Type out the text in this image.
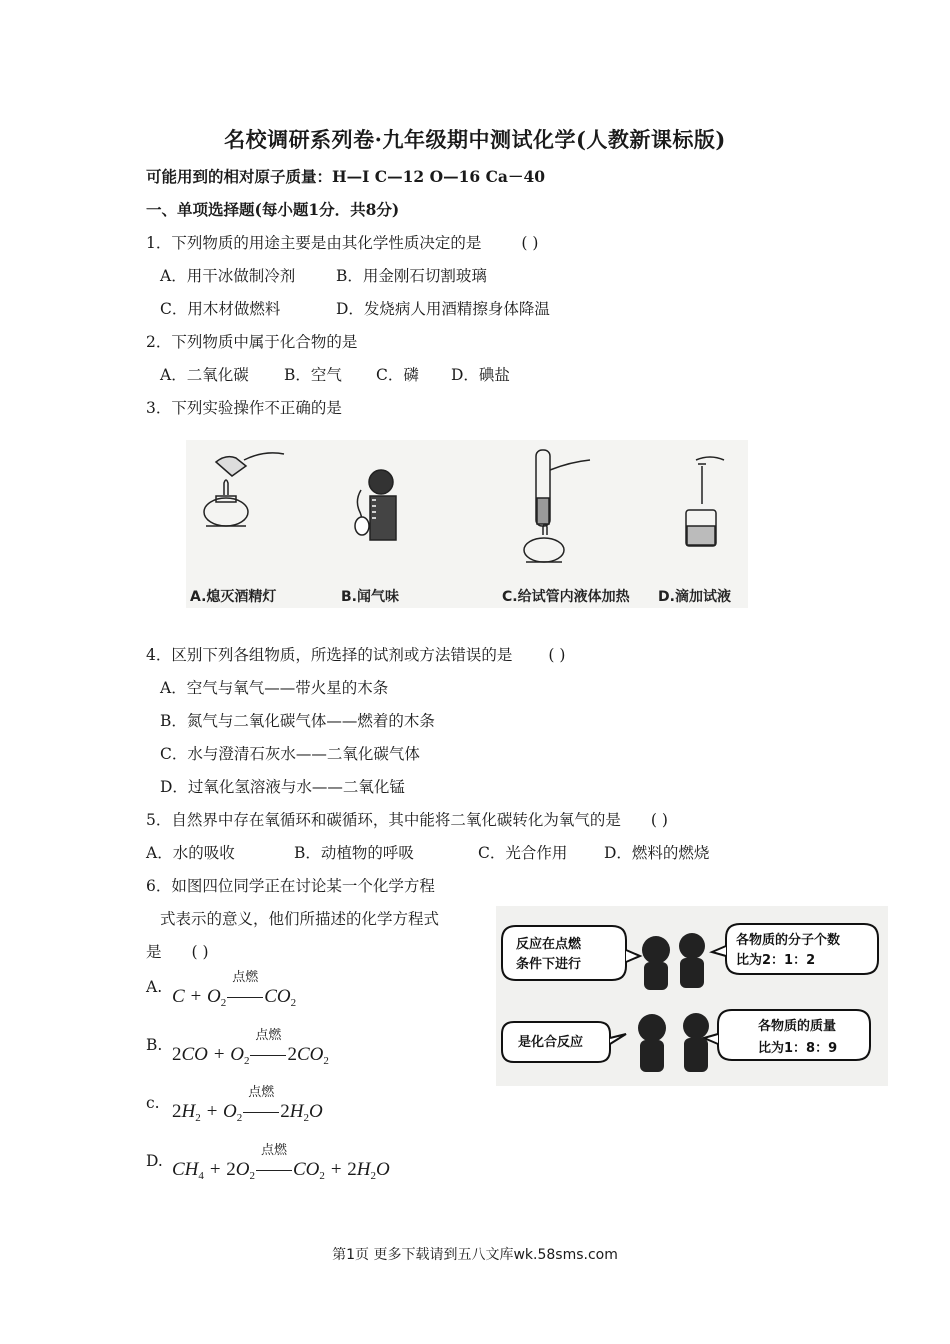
名校调研系列卷·九年级期中测试化学(人教新课标版)
可能用到的相对原子质量：H—I C—12 O—16 Ca－40
一、单项选择题(每小题1分．共8分)
1．下列物质的用途主要是由其化学性质决定的是	( )
A．用干冰做制冷剂	B．用金刚石切割玻璃
C．用木材做燃料	D．发烧病人用酒精擦身体降温
2．下列物质中属于化合物的是
A．二氧化碳 B．空气 C．磷 D．碘盐
3．下列实验操作不正确的是
A.熄灭酒精灯	B.闻气味	C.给试管内液体加热 D.滴加试液
4．区别下列各组物质，所选择的试剂或方法错误的是 ( )
A．空气与氧气——带火星的木条
B．氮气与二氧化碳气体——燃着的木条
C．水与澄清石灰水——二氧化碳气体
D．过氧化氢溶液与水——二氧化锰
5．自然界中存在氧循环和碳循环，其中能将二氧化碳转化为氧气的是 ( )
A．水的吸收	B．动植物的呼吸	C．光合作用 D．燃料的燃烧
6．如图四位同学正在讨论某一个化学方程
式表示的意义，他们所描述的化学方程式
是 ( )	反应在点燃
条件下进行
各物质的分子个数
比为2：1：2
是化合反应
各物质的质量
比为1：8：9
A. $C + O_2$
点燃
$CO_2$
B. $2CO + O_2$
点燃
$2CO_2$
c. $2H_2 + O_2$
点燃
$2H_2O$
D. $CH_4 + 2O_2$
点燃
$CO_2 + 2H_2O$
第1页 更多下载请到五八文库wk.58sms.com
